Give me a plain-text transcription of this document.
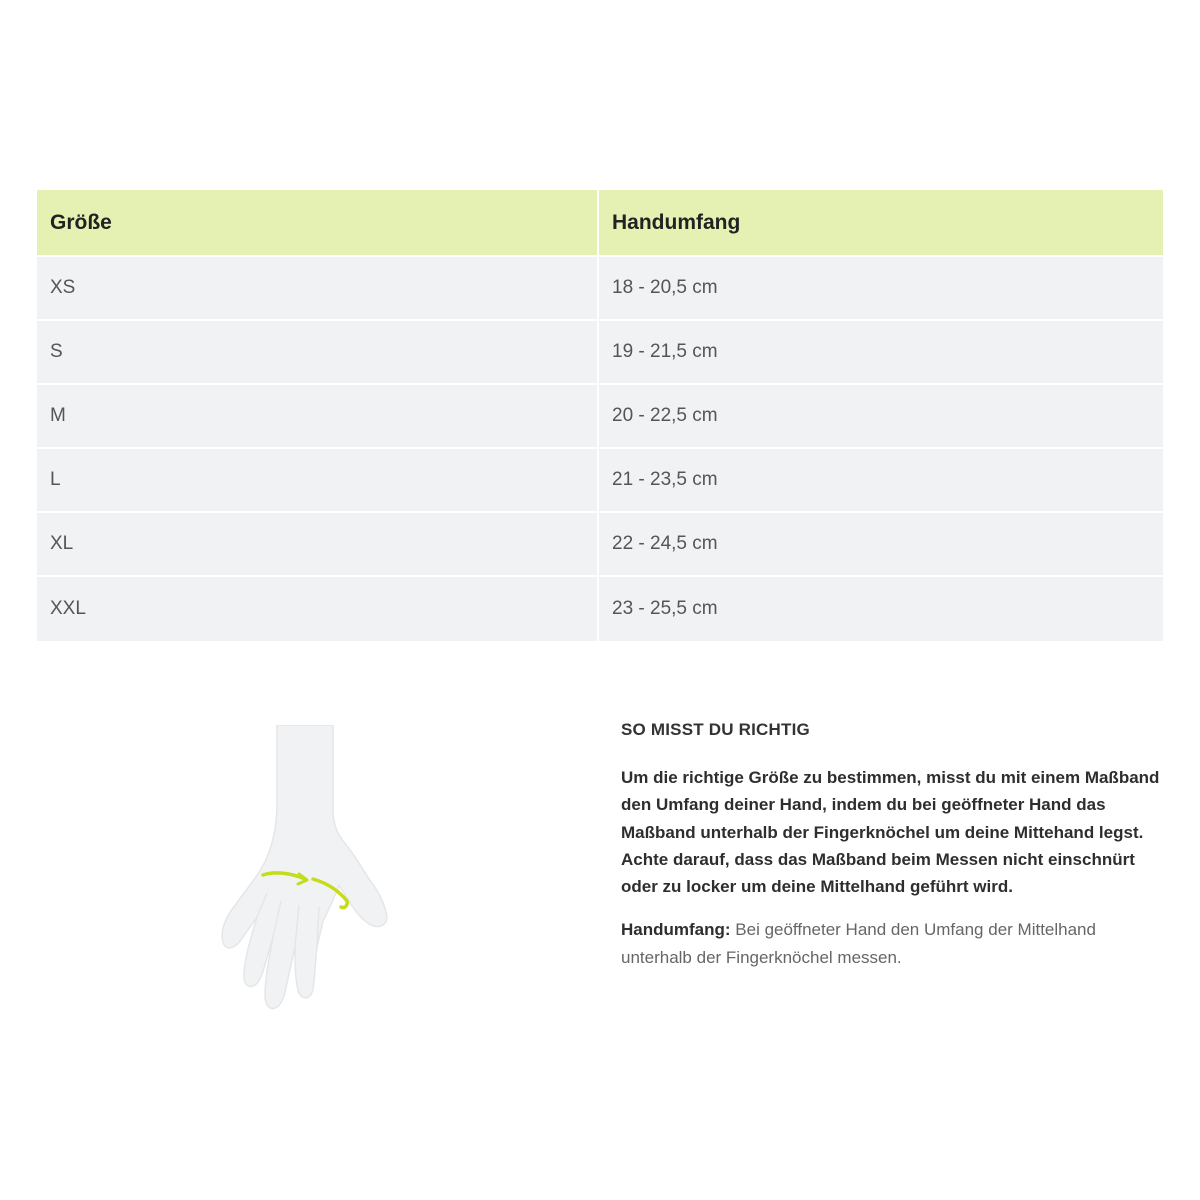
Größe	Handumfang
XS	18 - 20,5 cm
S	19 - 21,5 cm
M	20 - 22,5 cm
L	21 - 23,5 cm
XL	22 - 24,5 cm
XXL	23 - 25,5 cm
SO MISST DU RICHTIG
Um die richtige Größe zu bestimmen, misst du mit einem Maßband
den Umfang deiner Hand, indem du bei geöffneter Hand das
Maßband unterhalb der Fingerknöchel um deine Mittehand legst.
Achte darauf, dass das Maßband beim Messen nicht einschnürt
oder zu locker um deine Mittelhand geführt wird.
Handumfang: Bei geöffneter Hand den Umfang der Mittelhand
unterhalb der Fingerknöchel messen.
